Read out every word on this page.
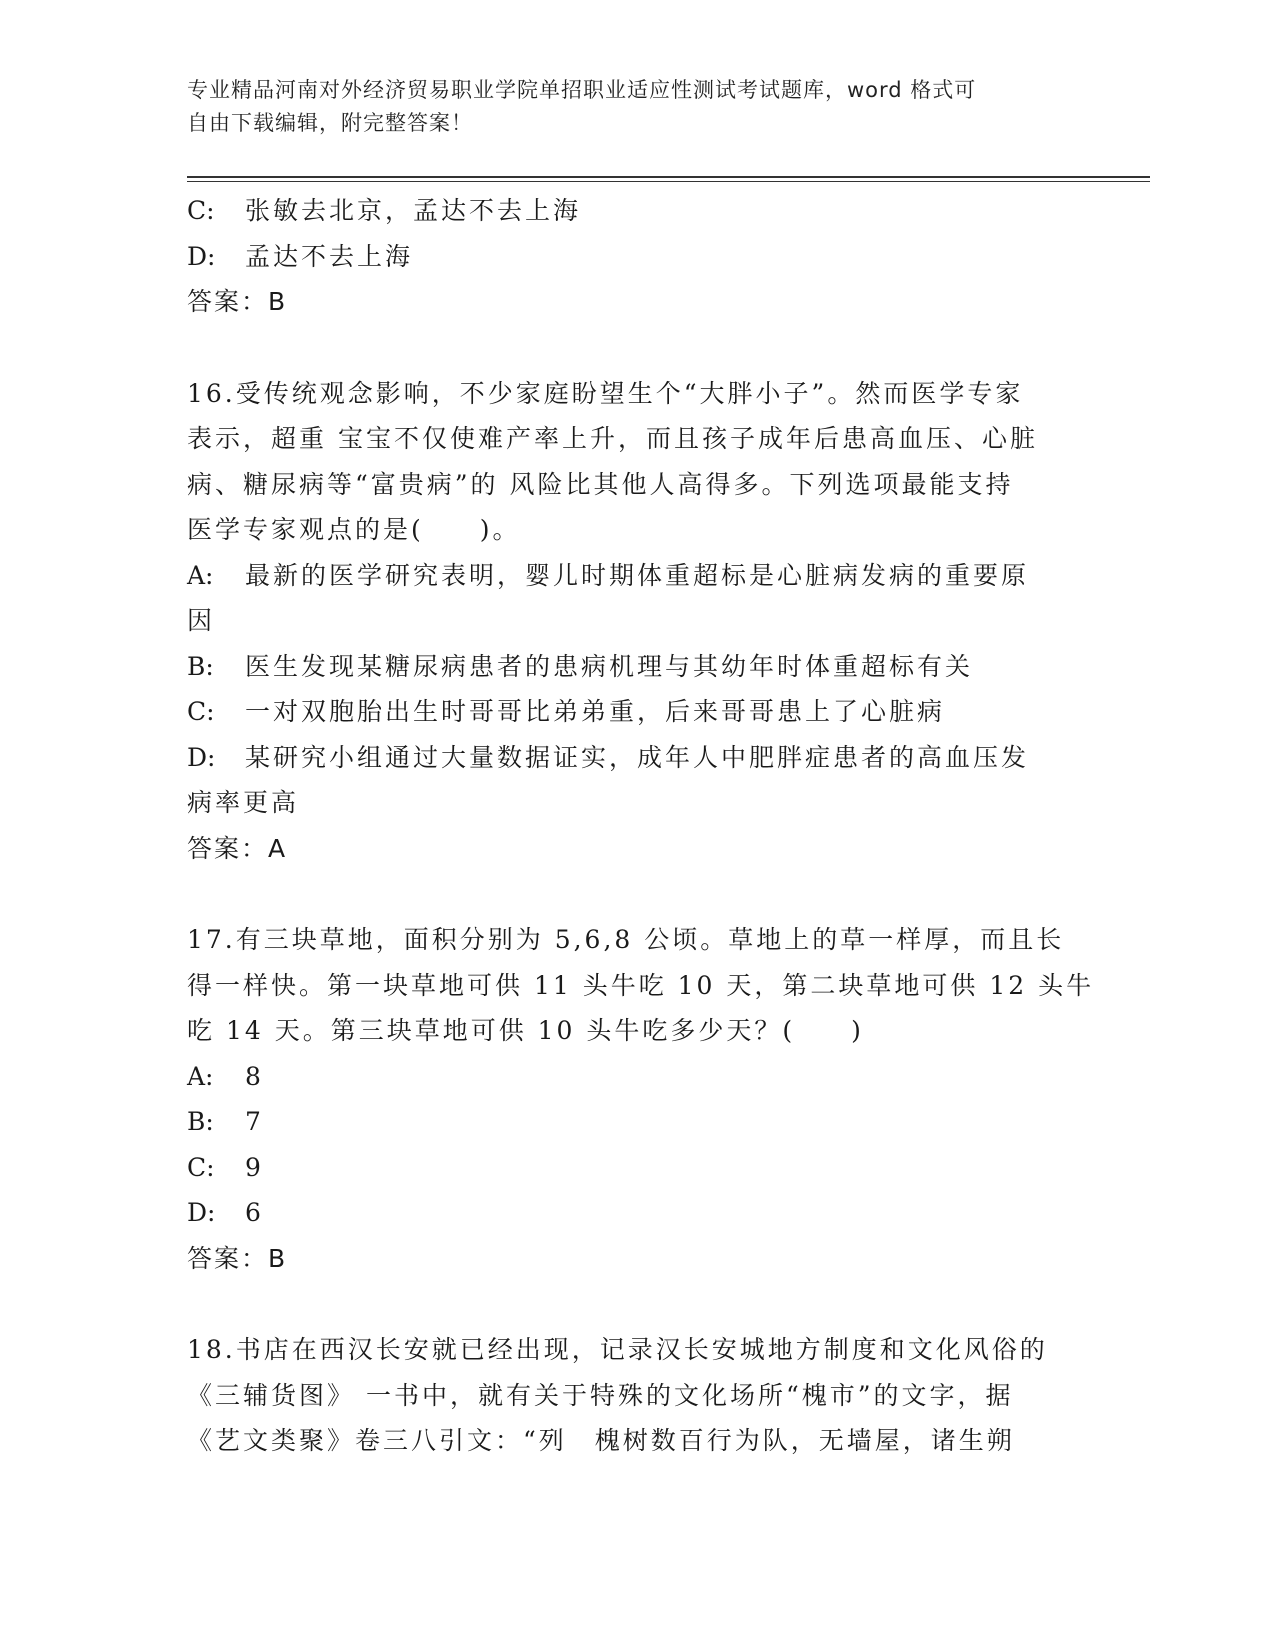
专业精品河南对外经济贸易职业学院单招职业适应性测试考试题库，word 格式可
自由下载编辑，附完整答案！
C: 张敏去北京，孟达不去上海
D: 孟达不去上海
答案：B
16.受传统观念影响，不少家庭盼望生个“大胖小子”。然而医学专家
表示，超重 宝宝不仅使难产率上升，而且孩子成年后患高血压、心脏
病、糖尿病等“富贵病”的 风险比其他人高得多。下列选项最能支持
医学专家观点的是(　　)。
A: 最新的医学研究表明，婴儿时期体重超标是心脏病发病的重要原
因
B: 医生发现某糖尿病患者的患病机理与其幼年时体重超标有关
C: 一对双胞胎出生时哥哥比弟弟重，后来哥哥患上了心脏病
D: 某研究小组通过大量数据证实，成年人中肥胖症患者的高血压发
病率更高
答案：A
17.有三块草地，面积分别为 5,6,8 公顷。草地上的草一样厚，而且长
得一样快。第一块草地可供 11 头牛吃 10 天，第二块草地可供 12 头牛
吃 14 天。第三块草地可供 10 头牛吃多少天？(　　)
A: 8
B: 7
C: 9
D: 6
答案：B
18.书店在西汉长安就已经出现，记录汉长安城地方制度和文化风俗的
《三辅货图》 一书中，就有关于特殊的文化场所“槐市”的文字，据
《艺文类聚》卷三八引文：“列　槐树数百行为队，无墙屋，诸生朔
